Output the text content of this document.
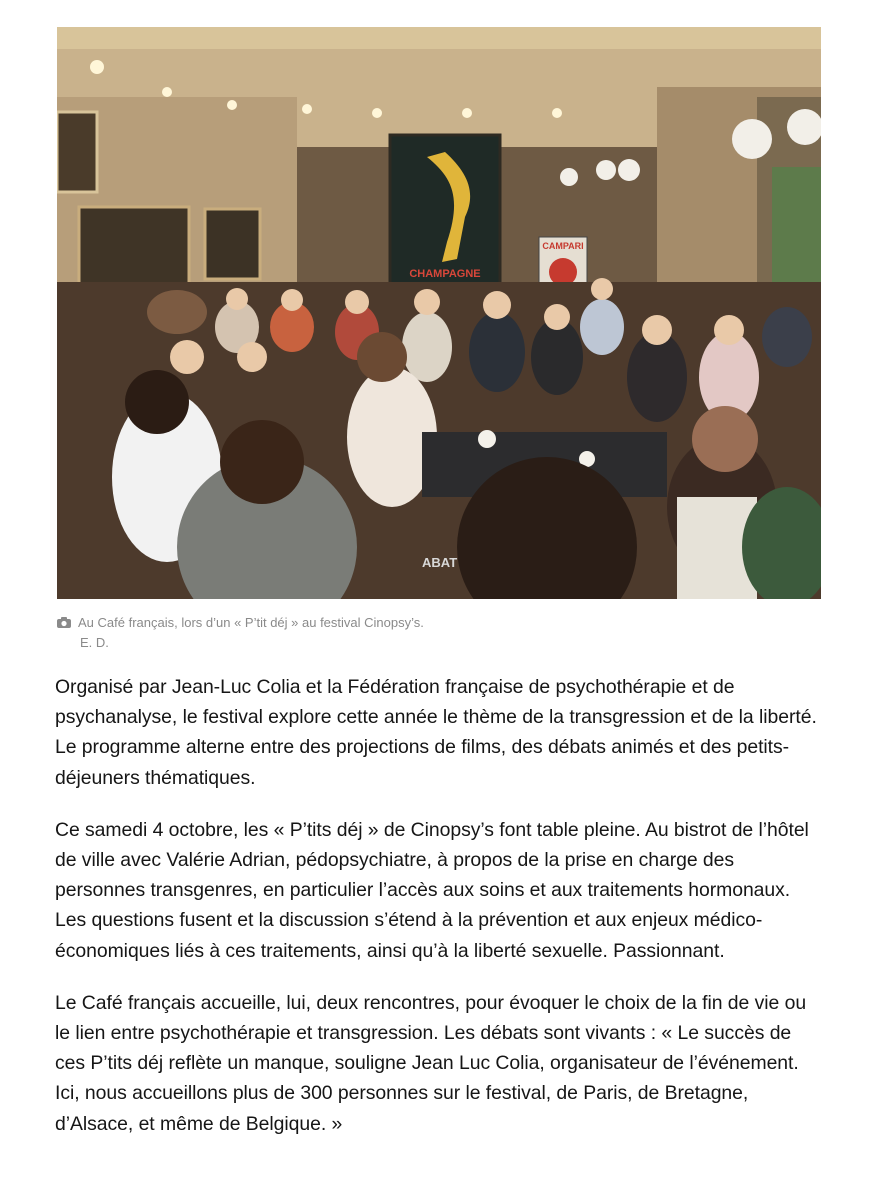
CHAMPAGNE
CAMPARI
ABAT
Au Café français, lors d’un « P’tit déj » au festival Cinopsy’s.
E. D.

Organisé par Jean-Luc Colia et la Fédération française de psychothérapie et de psychanalyse, le festival explore cette année le thème de la transgression et de la liberté. Le programme alterne entre des projections de films, des débats animés et des petits-déjeuners thématiques.

Ce samedi 4 octobre, les « P’tits déj » de Cinopsy’s font table pleine. Au bistrot de l’hôtel de ville avec Valérie Adrian, pédopsychiatre, à propos de la prise en charge des personnes transgenres, en particulier l’accès aux soins et aux traitements hormonaux. Les questions fusent et la discussion s’étend à la prévention et aux enjeux médico-économiques liés à ces traitements, ainsi qu’à la liberté sexuelle. Passionnant.

Le Café français accueille, lui, deux rencontres, pour évoquer le choix de la fin de vie ou le lien entre psychothérapie et transgression. Les débats sont vivants : « Le succès de ces P’tits déj reflète un manque, souligne Jean Luc Colia, organisateur de l’événement. Ici, nous accueillons plus de 300 personnes sur le festival, de Paris, de Bretagne, d’Alsace, et même de Belgique. »
